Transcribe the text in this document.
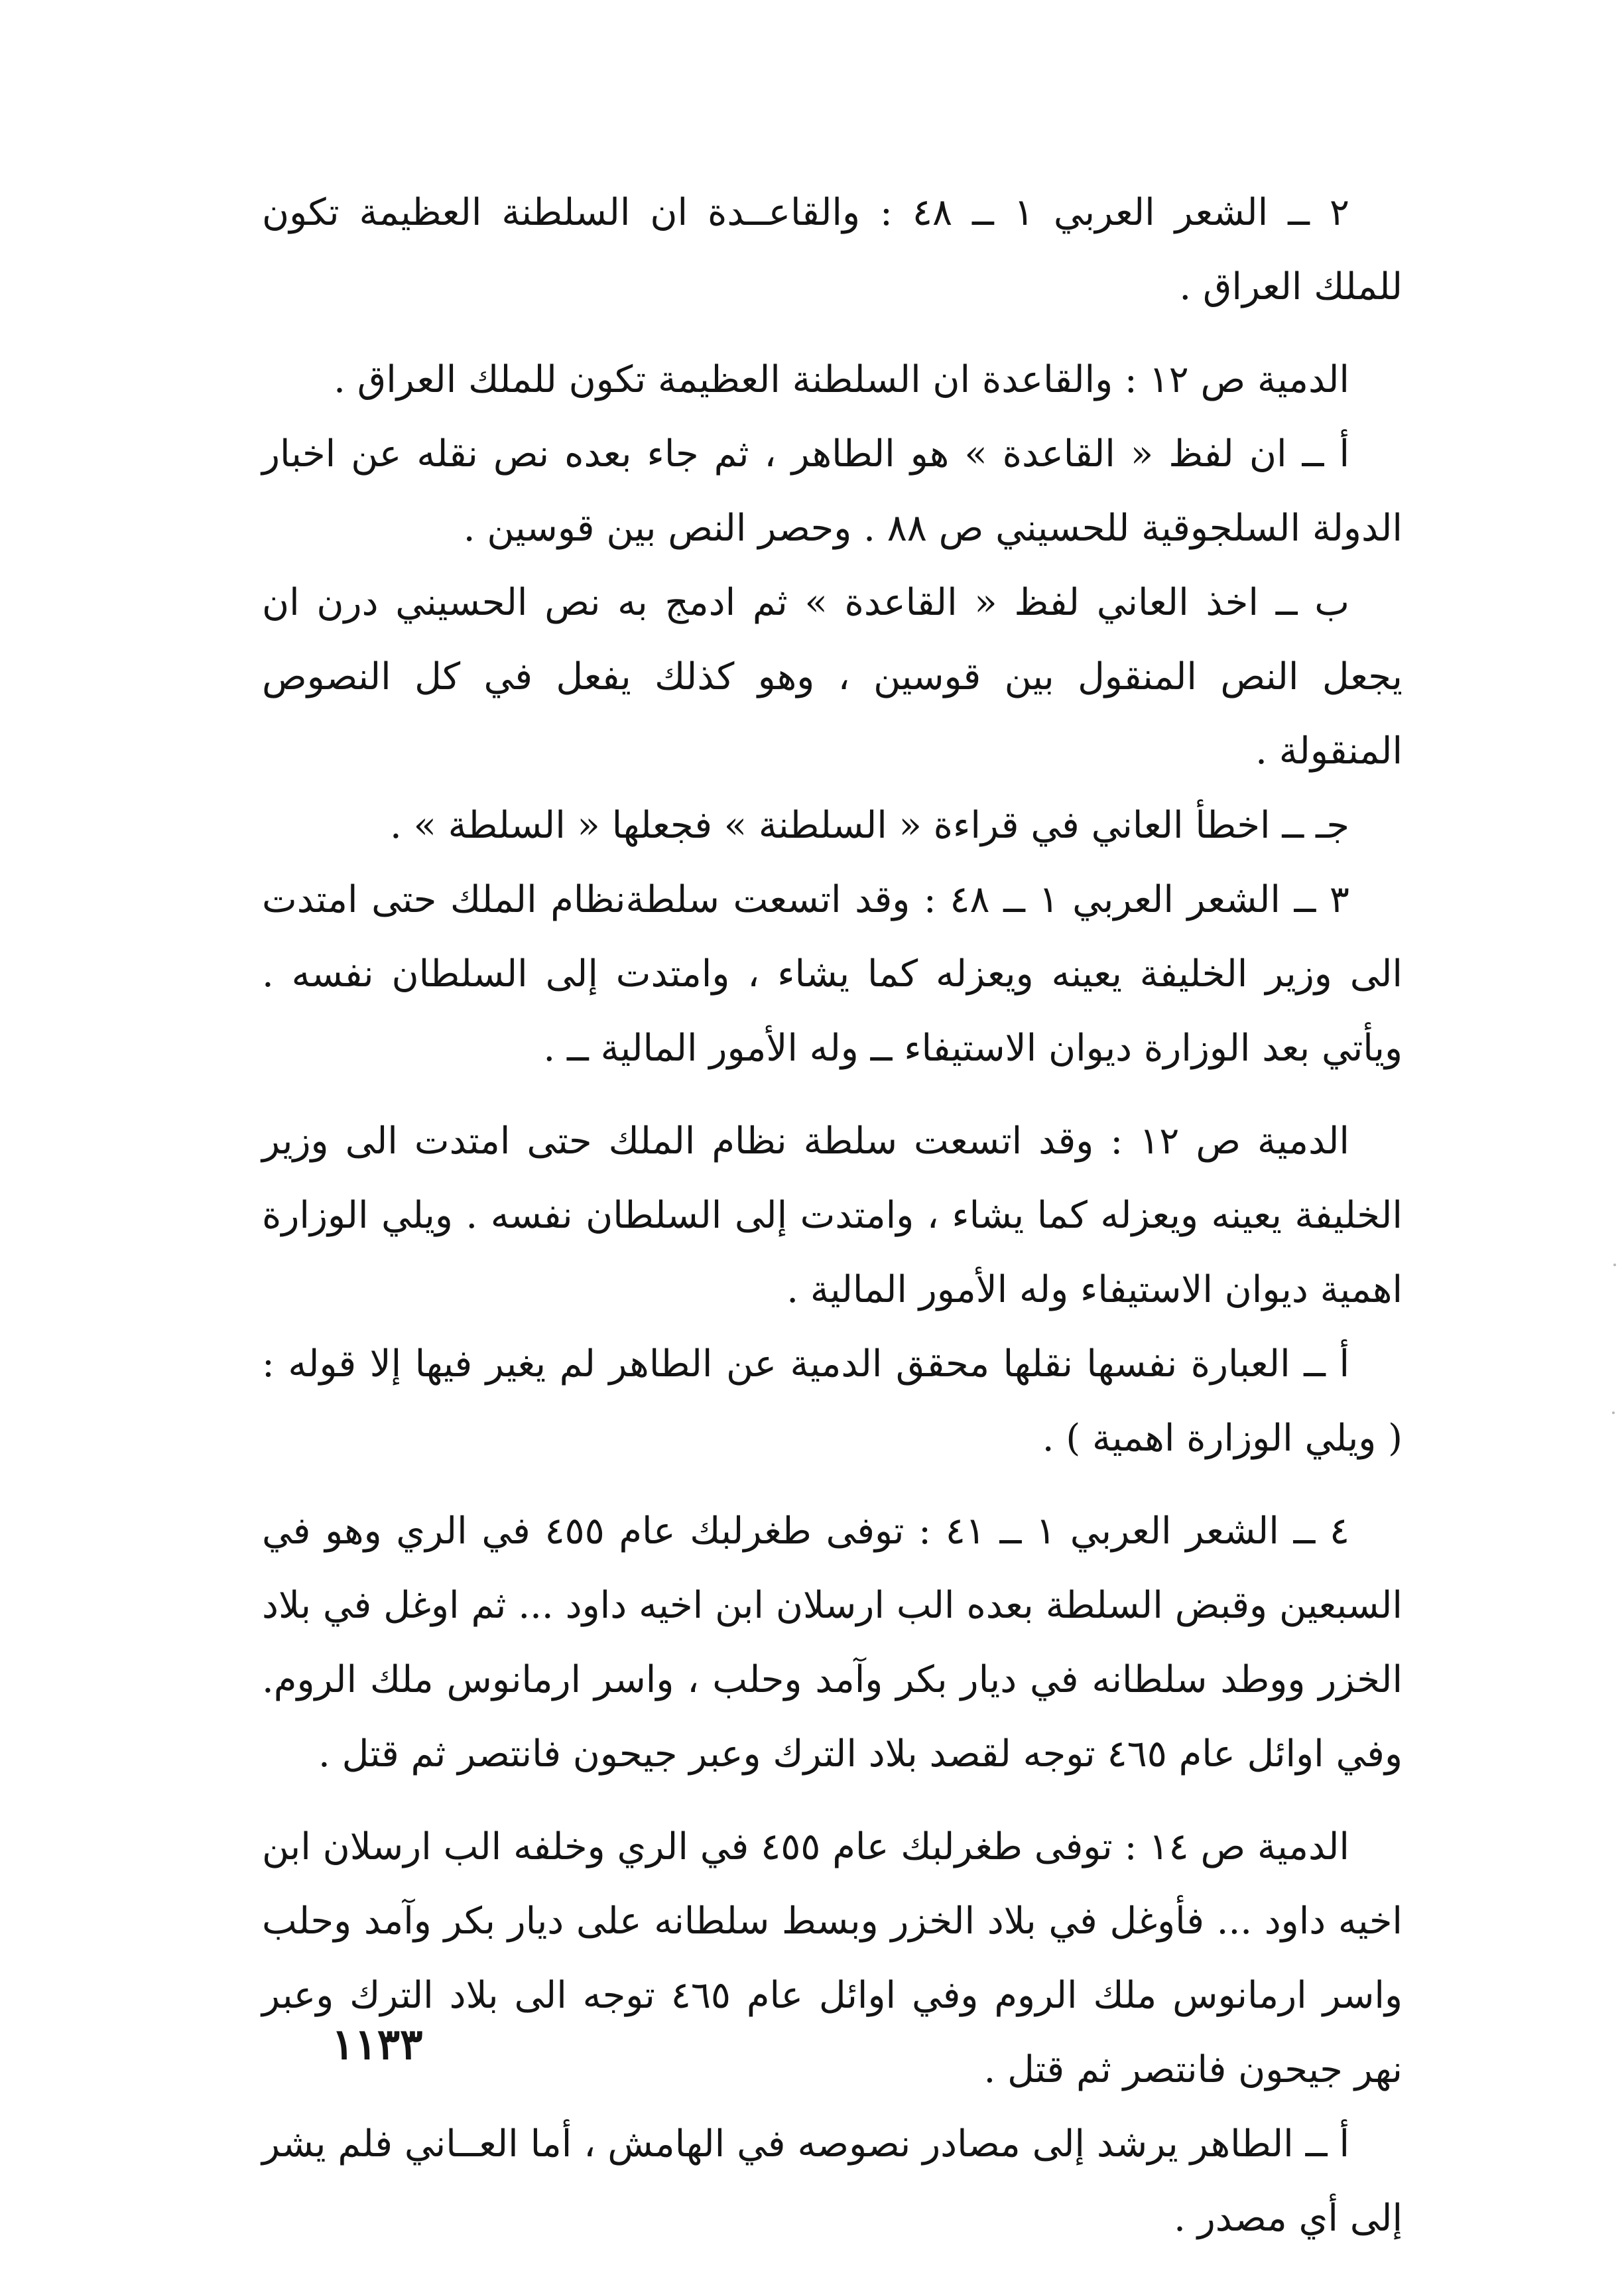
٢ ــ الشعر العربي ١ ــ ٤٨ : والقاعــدة ان السلطنة العظيمة تكون للملك العراق .

الدمية ص ١٢ : والقاعدة ان السلطنة العظيمة تكون للملك العراق .

أ ــ ان لفظ « القاعدة » هو الطاهر ، ثم جاء بعده نص نقله عن اخبار الدولة السلجوقية للحسيني ص ٨٨ . وحصر النص بين قوسين .

ب ــ اخذ العاني لفظ « القاعدة » ثم ادمج به نص الحسيني درن ان يجعل النص المنقول بين قوسين ، وهو كذلك يفعل في كل النصوص المنقولة .

جـ ــ اخطأ العاني في قراءة « السلطنة » فجعلها « السلطة » .

٣ ــ الشعر العربي ١ ــ ٤٨ : وقد اتسعت سلطةنظام الملك حتى امتدت الى وزير الخليفة يعينه ويعزله كما يشاء ، وامتدت إلى السلطان نفسه . ويأتي بعد الوزارة ديوان الاستيفاء ــ وله الأمور المالية ــ .

الدمية ص ١٢ : وقد اتسعت سلطة نظام الملك حتى امتدت الى وزير الخليفة يعينه ويعزله كما يشاء ، وامتدت إلى السلطان نفسه . ويلي الوزارة اهمية ديوان الاستيفاء وله الأمور المالية .

أ ــ العبارة نفسها نقلها محقق الدمية عن الطاهر لم يغير فيها إلا قوله : ( ويلي الوزارة اهمية ) .

٤ ــ الشعر العربي ١ ــ ٤١ : توفى طغرلبك عام ٤٥٥ في الري وهو في السبعين وقبض السلطة بعده الب ارسلان ابن اخيه داود ... ثم اوغل في بلاد الخزر ووطد سلطانه في ديار بكر وآمد وحلب ، واسر ارمانوس ملك الروم. وفي اوائل عام ٤٦٥ توجه لقصد بلاد الترك وعبر جيحون فانتصر ثم قتل .

الدمية ص ١٤ : توفى طغرلبك عام ٤٥٥ في الري وخلفه الب ارسلان ابن اخيه داود ... فأوغل في بلاد الخزر وبسط سلطانه على ديار بكر وآمد وحلب واسر ارمانوس ملك الروم وفي اوائل عام ٤٦٥ توجه الى بلاد الترك وعبر نهر جيحون فانتصر ثم قتل .

أ ــ الطاهر يرشد إلى مصادر نصوصه في الهامش ، أما العــاني فلم يشر إلى أي مصدر .

١١٣٣
